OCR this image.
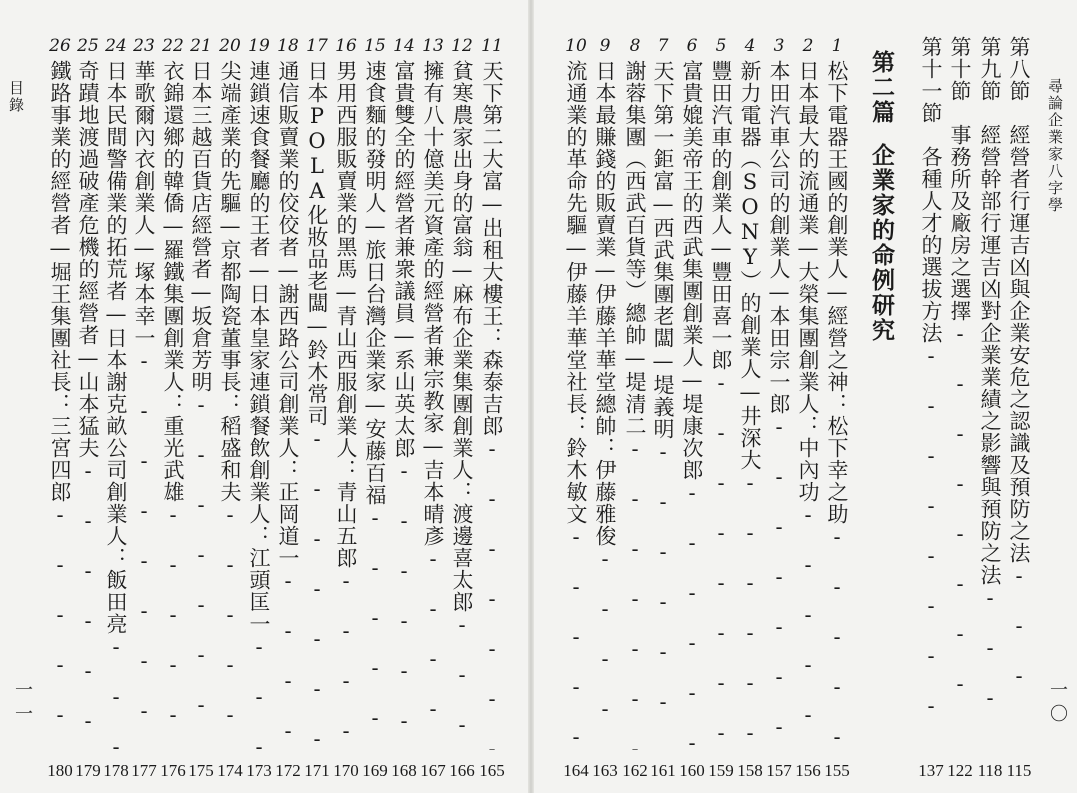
目錄
一一
26
鐵路事業的經營者—堀王集團社長：三宮四郎 - - -
180
25
奇蹟地渡過破產危機的經營者—山本猛夫 - - -
179
24
日本民間警備業的拓荒者—日本謝克畝公司創業人：飯田亮 - - -
178
23
華歌爾內衣創業人—塚本幸一 - - -
177
22
衣錦還鄉的韓僑—羅鐵集團創業人：重光武雄 - - -
176
21
日本三越百貨店經營者—坂倉芳明 - - -
175
20
尖端產業的先驅—京都陶瓷董事長：稻盛和夫 - - -
174
19
連鎖速食餐廳的王者—日本皇家連鎖餐飲創業人：江頭匡一 - - -
173
18
通信販賣業的佼佼者—謝西路公司創業人：正岡道一 - - -
172
17
日本POLA化妝品老闆—鈴木常司 - - -
171
16
男用西服販賣業的黑馬—青山西服創業人：青山五郎 - - -
170
15
速食麵的發明人—旅日台灣企業家—安藤百福 - - -
169
14
富貴雙全的經營者兼衆議員—系山英太郎 - - -
168
13
擁有八十億美元資產的經營者兼宗教家—吉本晴彥 - - -
167
12
貧寒農家出身的富翁—麻布企業集團創業人：渡邊喜太郎 - - -
166
11
天下第二大富—出租大樓王：森泰吉郎 - - -
165
10
流通業的革命先驅—伊藤羊華堂社長：鈴木敏文 - - -
164
9
日本最賺錢的販賣業—伊藤羊華堂總帥：伊藤雅俊 - - -
163
8
謝蓉集團（西武百貨等）總帥—堤清二 - - -
162
7
天下第一鉅富—西武集團老闆—堤義明 - - -
161
6
富貴媲美帝王的西武集團創業人—堤康次郎 - - -
160
5
豐田汽車的創業人—豐田喜一郎 - - -
159
4
新力電器（SONY）的創業人—井深大 - - -
158
3
本田汽車公司的創業人—本田宗一郎 - - -
157
2
日本最大的流通業—大榮集團創業人：中內功 - - -
156
1
松下電器王國的創業人—經營之神：松下幸之助 - - -
155
第二篇企業家的命例研究
第十一節　各種人才的選拔方法 - - -
137
第十節　事務所及廠房之選擇 - - -
122
第九節　經營幹部行運吉凶對企業業績之影響與預防之法 - - -
118
第八節　經營者行運吉凶與企業安危之認識及預防之法 - - -
115
尋論企業家八字學
一〇
